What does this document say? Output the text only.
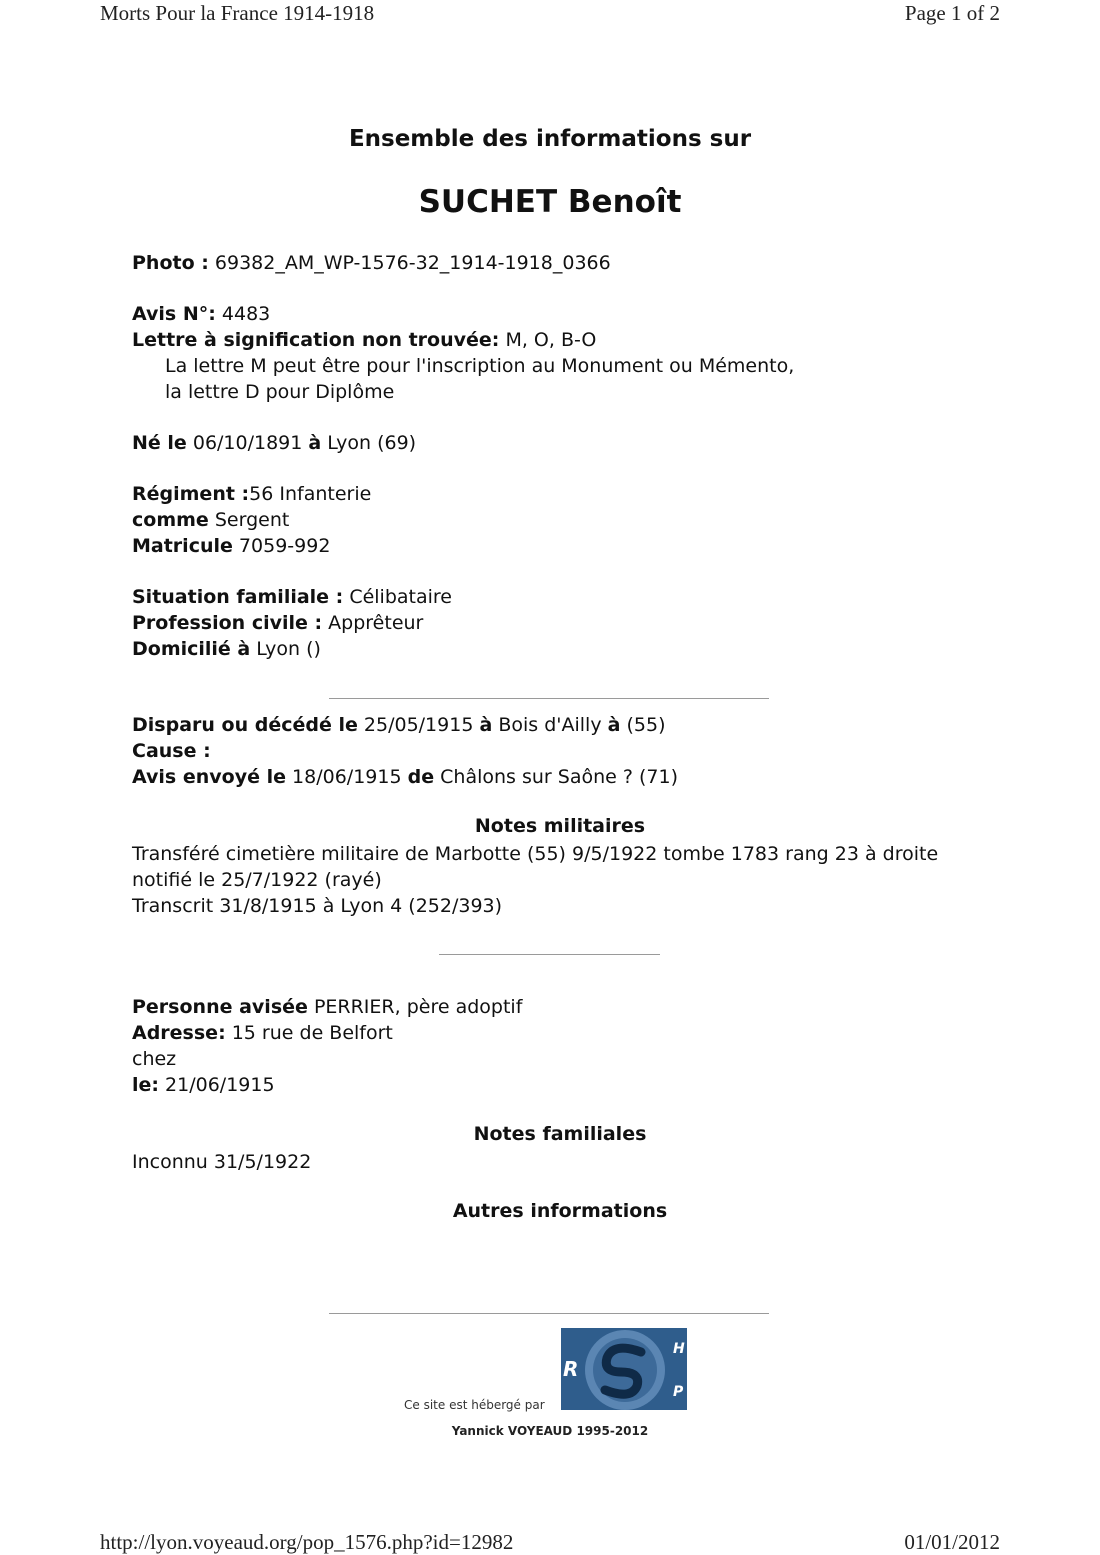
Morts Pour la France 1914-1918	Page 1 of 2
Ensemble des informations sur
SUCHET Benoît
Photo : 69382_AM_WP-1576-32_1914-1918_0366
Avis N°: 4483
Lettre à signification non trouvée: M, O, B-O
La lettre M peut être pour l'inscription au Monument ou Mémento,
la lettre D pour Diplôme
Né le 06/10/1891 à Lyon (69)
Régiment :56 Infanterie
comme Sergent
Matricule 7059-992
Situation familiale : Célibataire
Profession civile : Apprêteur
Domicilié à Lyon ()
Disparu ou décédé le 25/05/1915 à Bois d'Ailly à (55)
Cause :
Avis envoyé le 18/06/1915 de Châlons sur Saône ? (71)
Notes militaires
Transféré cimetière militaire de Marbotte (55) 9/5/1922 tombe 1783 rang 23 à droite
notifié le 25/7/1922 (rayé)
Transcrit 31/8/1915 à Lyon 4 (252/393)
Personne avisée PERRIER, père adoptif
Adresse: 15 rue de Belfort
chez
le: 21/06/1915
Notes familiales
Inconnu 31/5/1922
Autres informations
Ce site est hébergé par
R
H
P
Yannick VOYEAUD 1995-2012
http://lyon.voyeaud.org/pop_1576.php?id=12982	01/01/2012
